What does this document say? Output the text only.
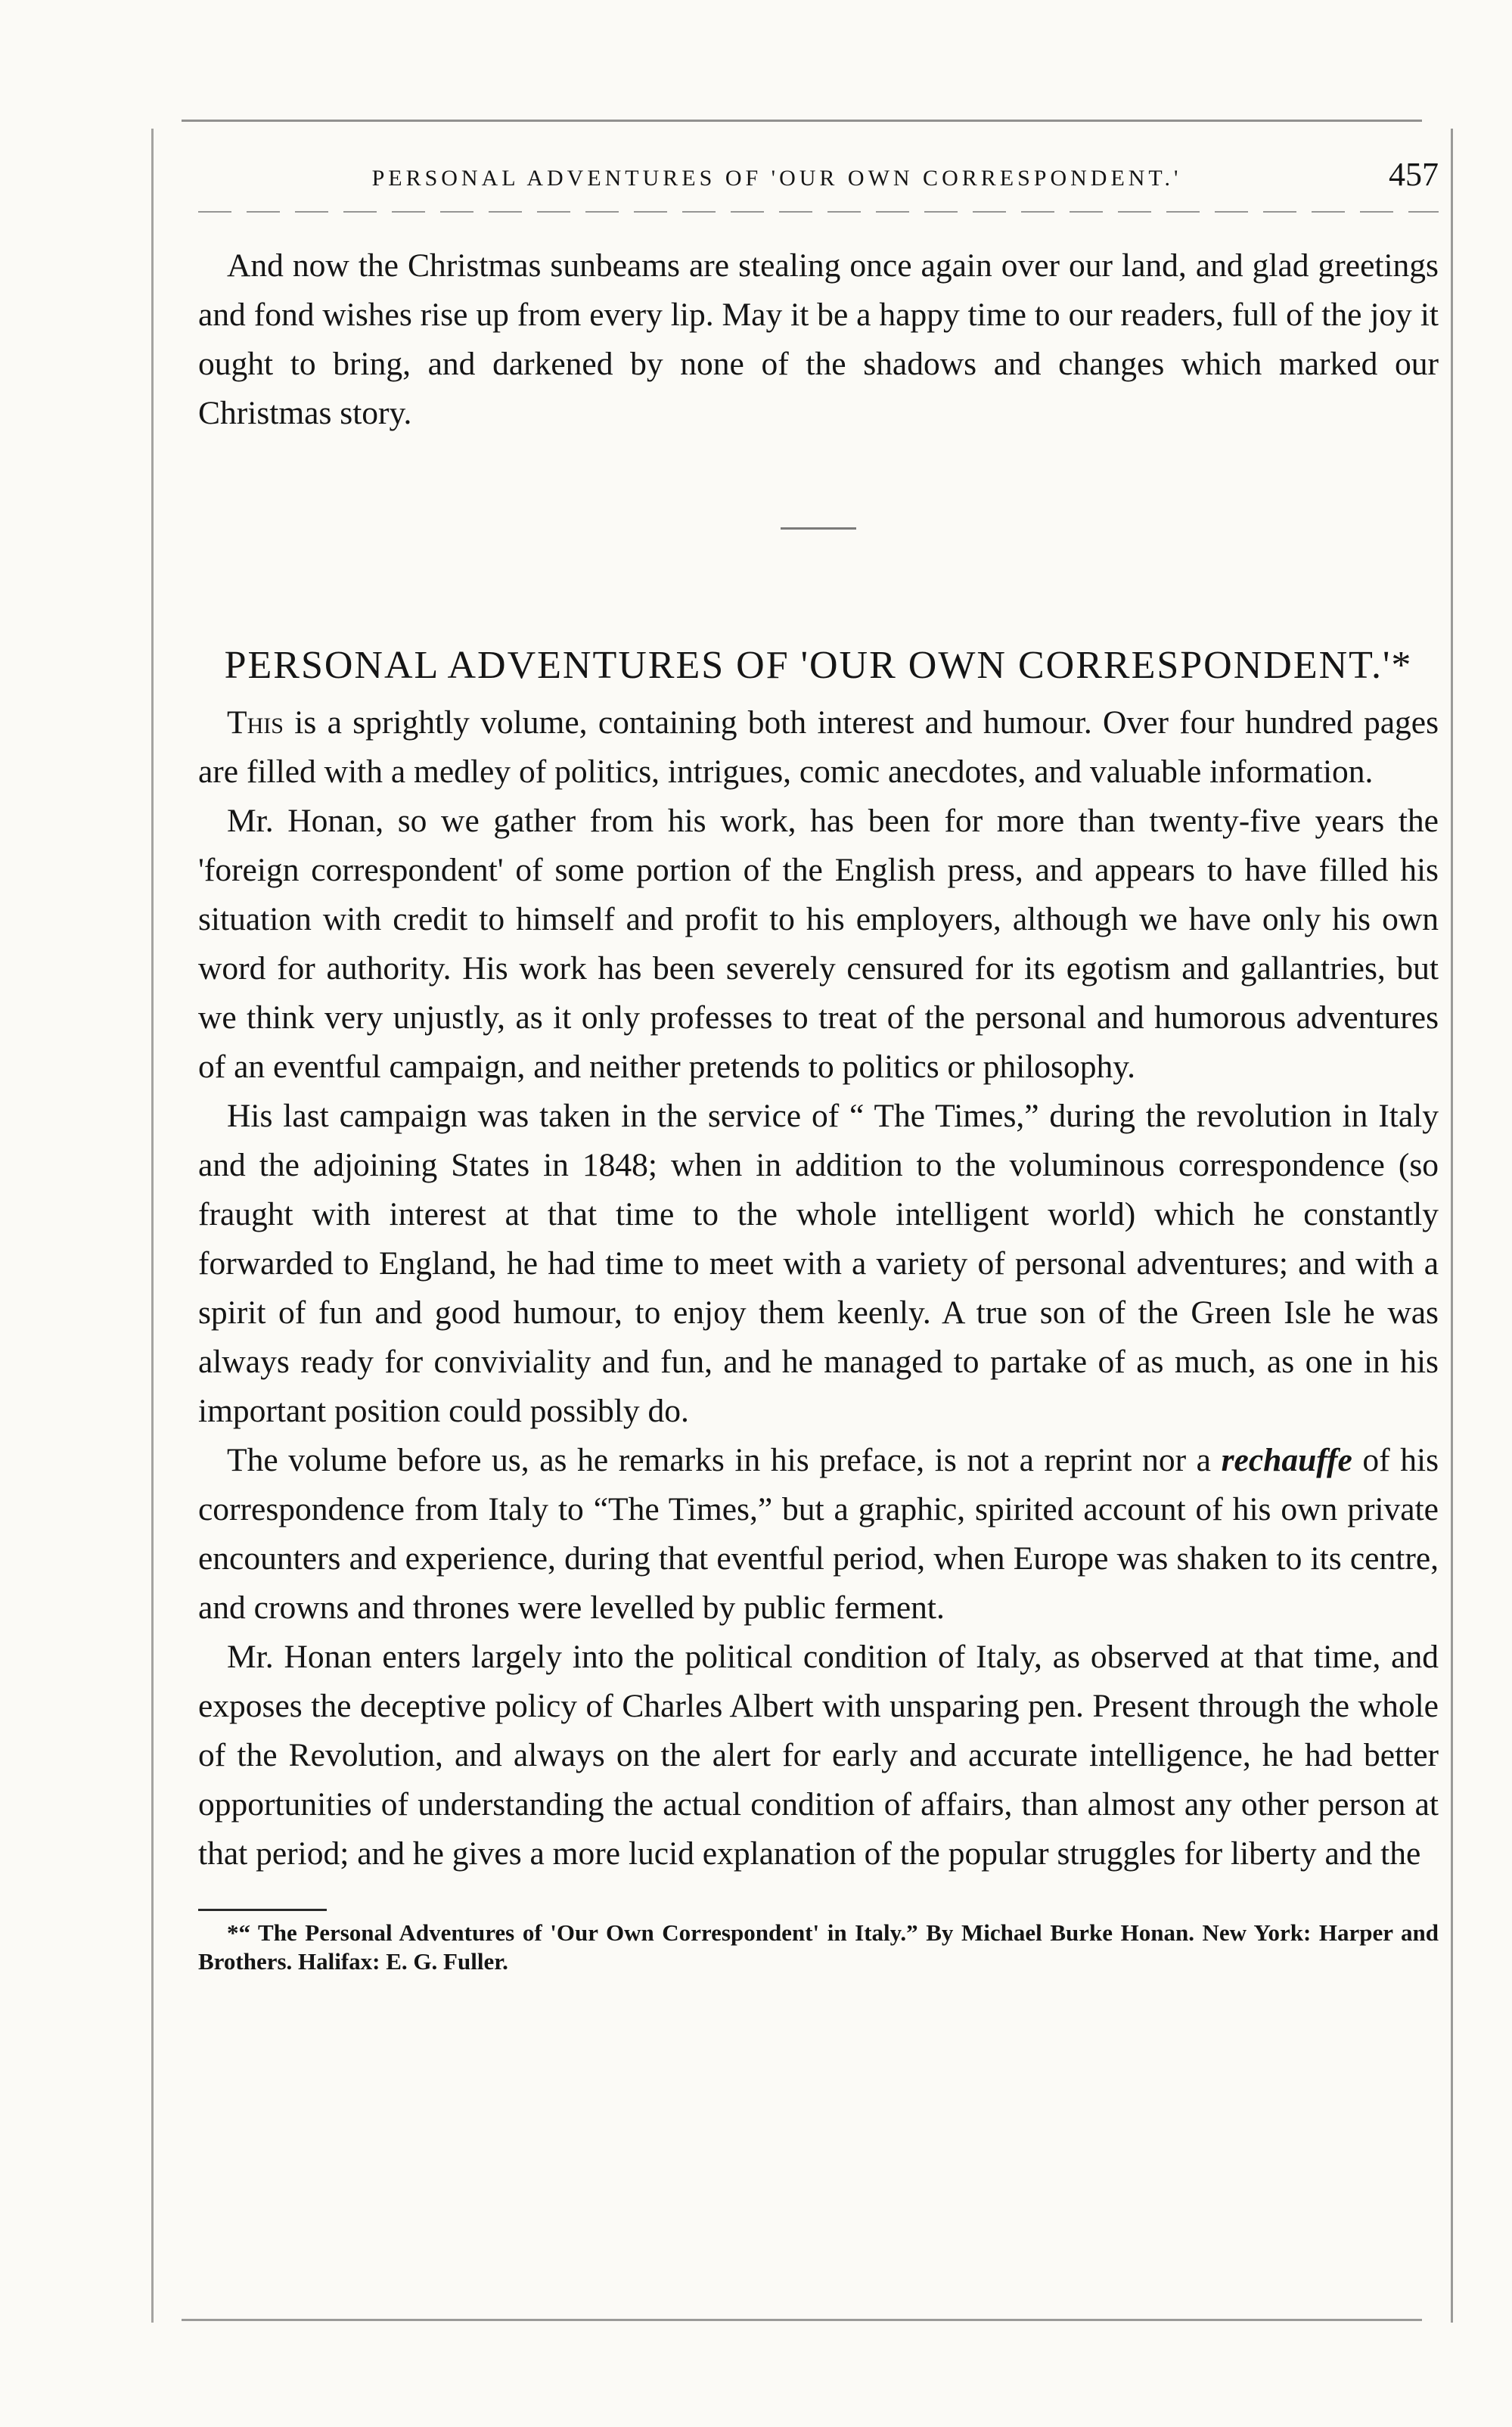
PERSONAL ADVENTURES OF 'OUR OWN CORRESPONDENT.'	457

And now the Christmas sunbeams are stealing once again over our land, and glad greetings and fond wishes rise up from every lip. May it be a happy time to our readers, full of the joy it ought to bring, and darkened by none of the shadows and changes which marked our Christmas story.

PERSONAL ADVENTURES OF 'OUR OWN CORRESPONDENT.'*

This is a sprightly volume, containing both interest and humour. Over four hundred pages are filled with a medley of politics, intrigues, comic anecdotes, and valuable information.

Mr. Honan, so we gather from his work, has been for more than twenty-five years the 'foreign correspondent' of some portion of the English press, and appears to have filled his situation with credit to himself and profit to his employers, although we have only his own word for authority. His work has been severely censured for its egotism and gallantries, but we think very unjustly, as it only professes to treat of the personal and humorous adventures of an eventful campaign, and neither pretends to politics or philosophy.

His last campaign was taken in the service of “ The Times,” during the revolution in Italy and the adjoining States in 1848; when in addition to the voluminous correspondence (so fraught with interest at that time to the whole intelligent world) which he constantly forwarded to England, he had time to meet with a variety of personal adventures; and with a spirit of fun and good humour, to enjoy them keenly. A true son of the Green Isle he was always ready for conviviality and fun, and he managed to partake of as much, as one in his important position could possibly do.

The volume before us, as he remarks in his preface, is not a reprint nor a rechauffe of his correspondence from Italy to “The Times,” but a graphic, spirited account of his own private encounters and experience, during that eventful period, when Europe was shaken to its centre, and crowns and thrones were levelled by public ferment.

Mr. Honan enters largely into the political condition of Italy, as observed at that time, and exposes the deceptive policy of Charles Albert with unsparing pen. Present through the whole of the Revolution, and always on the alert for early and accurate intelligence, he had better opportunities of understanding the actual condition of affairs, than almost any other person at that period; and he gives a more lucid explanation of the popular struggles for liberty and the

*“ The Personal Adventures of 'Our Own Correspondent' in Italy.” By Michael Burke Honan. New York: Harper and Brothers. Halifax: E. G. Fuller.
